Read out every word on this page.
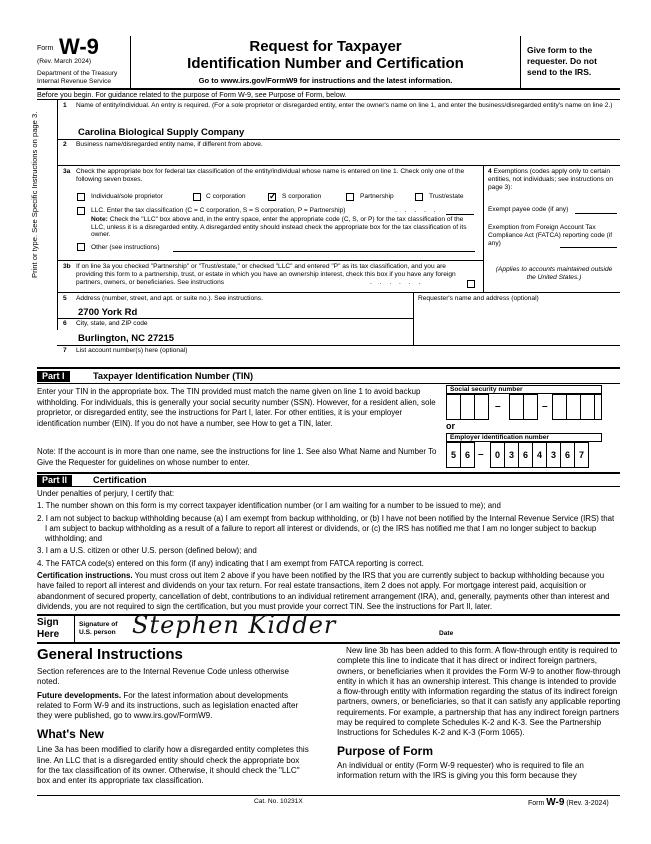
Form W-9
(Rev. March 2024)
Department of the Treasury
Internal Revenue Service
Request for Taxpayer
Identification Number and Certification
Go to www.irs.gov/FormW9 for instructions and the latest information.
Give form to the requester. Do not send to the IRS.
Before you begin. For guidance related to the purpose of Form W-9, see Purpose of Form, below.
Print or type. See Specific Instructions on page 3.
1 Name of entity/individual. An entry is required. (For a sole proprietor or disregarded entity, enter the owner's name on line 1, and enter the business/disregarded entity's name on line 2.)
Carolina Biological Supply Company
2 Business name/disregarded entity name, if different from above.
3a Check the appropriate box for federal tax classification of the entity/individual whose name is entered on line 1. Check only one of the following seven boxes.
Individual/sole proprietor	C corporation	✓ S corporation	Partnership	Trust/estate
LLC. Enter the tax classification (C = C corporation, S = S corporation, P = Partnership)	. . . . .
Note: Check the "LLC" box above and, in the entry space, enter the appropriate code (C, S, or P) for the tax classification of the LLC, unless it is a disregarded entity. A disregarded entity should instead check the appropriate box for the tax classification of its owner.
Other (see instructions)
3b If on line 3a you checked "Partnership" or "Trust/estate," or checked "LLC" and entered "P" as its tax classification, and you are providing this form to a partnership, trust, or estate in which you have an ownership interest, check this box if you have any foreign partners, owners, or beneficiaries. See instructions	. . . . . .
4 Exemptions (codes apply only to certain entities, not individuals; see instructions on page 3):
Exempt payee code (if any)
Exemption from Foreign Account Tax Compliance Act (FATCA) reporting code (if any)
(Applies to accounts maintained outside the United States.)
5 Address (number, street, and apt. or suite no.). See instructions.
2700 York Rd
Requester's name and address (optional)
6 City, state, and ZIP code
Burlington, NC 27215
7 List account number(s) here (optional)
Part I	Taxpayer Identification Number (TIN)
Enter your TIN in the appropriate box. The TIN provided must match the name given on line 1 to avoid backup withholding. For individuals, this is generally your social security number (SSN). However, for a resident alien, sole proprietor, or disregarded entity, see the instructions for Part I, later. For other entities, it is your employer identification number (EIN). If you do not have a number, see How to get a TIN, later.
Note: If the account is in more than one name, see the instructions for line 1. See also What Name and Number To Give the Requester for guidelines on whose number to enter.
Social security number
–	–
or
Employer identification number
5 6 –	0 3 6 4 3 6 7
Part II	Certification
Under penalties of perjury, I certify that:
1. The number shown on this form is my correct taxpayer identification number (or I am waiting for a number to be issued to me); and
2. I am not subject to backup withholding because (a) I am exempt from backup withholding, or (b) I have not been notified by the Internal Revenue Service (IRS) that I am subject to backup withholding as a result of a failure to report all interest or dividends, or (c) the IRS has notified me that I am no longer subject to backup withholding; and
3. I am a U.S. citizen or other U.S. person (defined below); and
4. The FATCA code(s) entered on this form (if any) indicating that I am exempt from FATCA reporting is correct.
Certification instructions. You must cross out item 2 above if you have been notified by the IRS that you are currently subject to backup withholding because you have failed to report all interest and dividends on your tax return. For real estate transactions, item 2 does not apply. For mortgage interest paid, acquisition or abandonment of secured property, cancellation of debt, contributions to an individual retirement arrangement (IRA), and, generally, payments other than interest and dividends, you are not required to sign the certification, but you must provide your correct TIN. See the instructions for Part II, later.
Sign
Here
Signature of
U.S. person Stephen Kidder	Date
General Instructions
Section references are to the Internal Revenue Code unless otherwise noted.
Future developments. For the latest information about developments related to Form W-9 and its instructions, such as legislation enacted after they were published, go to www.irs.gov/FormW9.
What's New
Line 3a has been modified to clarify how a disregarded entity completes this line. An LLC that is a disregarded entity should check the appropriate box for the tax classification of its owner. Otherwise, it should check the "LLC" box and enter its appropriate tax classification.
New line 3b has been added to this form. A flow-through entity is required to complete this line to indicate that it has direct or indirect foreign partners, owners, or beneficiaries when it provides the Form W-9 to another flow-through entity in which it has an ownership interest. This change is intended to provide a flow-through entity with information regarding the status of its indirect foreign partners, owners, or beneficiaries, so that it can satisfy any applicable reporting requirements. For example, a partnership that has any indirect foreign partners may be required to complete Schedules K-2 and K-3. See the Partnership Instructions for Schedules K-2 and K-3 (Form 1065).
Purpose of Form
An individual or entity (Form W-9 requester) who is required to file an information return with the IRS is giving you this form because they
Cat. No. 10231X	Form W-9 (Rev. 3-2024)
